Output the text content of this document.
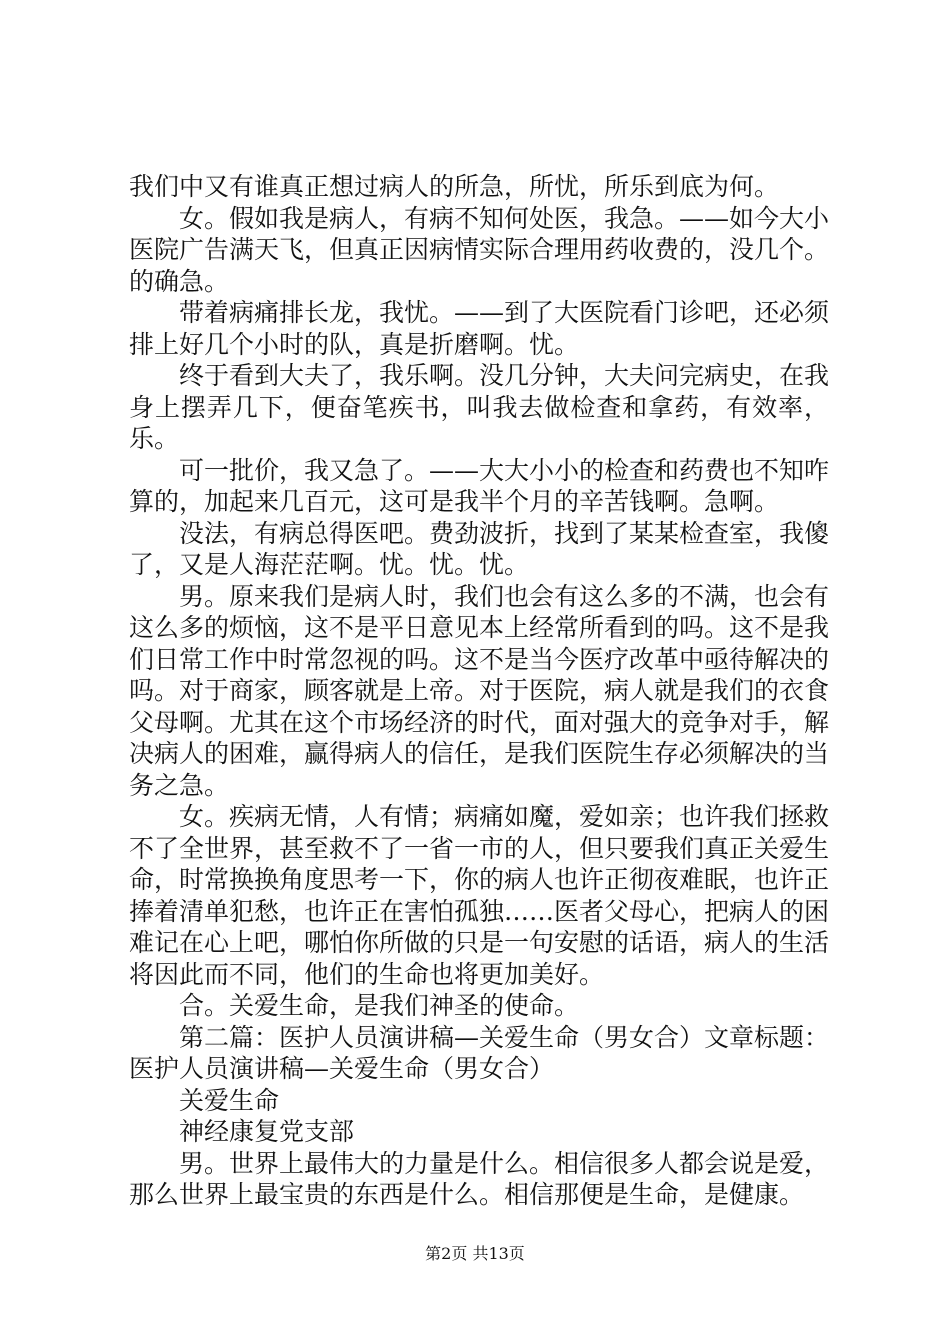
我们中又有谁真正想过病人的所急，所忧，所乐到底为何。

女。假如我是病人，有病不知何处医，我急。——如今大小医院广告满天飞，但真正因病情实际合理用药收费的，没几个。的确急。

带着病痛排长龙，我忧。——到了大医院看门诊吧，还必须排上好几个小时的队，真是折磨啊。忧。

终于看到大夫了，我乐啊。没几分钟，大夫问完病史，在我身上摆弄几下，便奋笔疾书，叫我去做检查和拿药，有效率，乐。

可一批价，我又急了。——大大小小的检查和药费也不知咋算的，加起来几百元，这可是我半个月的辛苦钱啊。急啊。

没法，有病总得医吧。费劲波折，找到了某某检查室，我傻了，又是人海茫茫啊。忧。忧。忧。

男。原来我们是病人时，我们也会有这么多的不满，也会有这么多的烦恼，这不是平日意见本上经常所看到的吗。这不是我们日常工作中时常忽视的吗。这不是当今医疗改革中亟待解决的吗。对于商家，顾客就是上帝。对于医院，病人就是我们的衣食父母啊。尤其在这个市场经济的时代，面对强大的竞争对手，解决病人的困难，赢得病人的信任，是我们医院生存必须解决的当务之急。

女。疾病无情，人有情；病痛如魔，爱如亲；也许我们拯救不了全世界，甚至救不了一省一市的人，但只要我们真正关爱生命，时常换换角度思考一下，你的病人也许正彻夜难眠，也许正捧着清单犯愁，也许正在害怕孤独……医者父母心，把病人的困难记在心上吧，哪怕你所做的只是一句安慰的话语，病人的生活将因此而不同，他们的生命也将更加美好。

合。关爱生命，是我们神圣的使命。

第二篇：医护人员演讲稿—关爱生命（男女合）文章标题：医护人员演讲稿—关爱生命（男女合）

关爱生命

神经康复党支部

男。世界上最伟大的力量是什么。相信很多人都会说是爱，那么世界上最宝贵的东西是什么。相信那便是生命，是健康。

第2页 共13页
